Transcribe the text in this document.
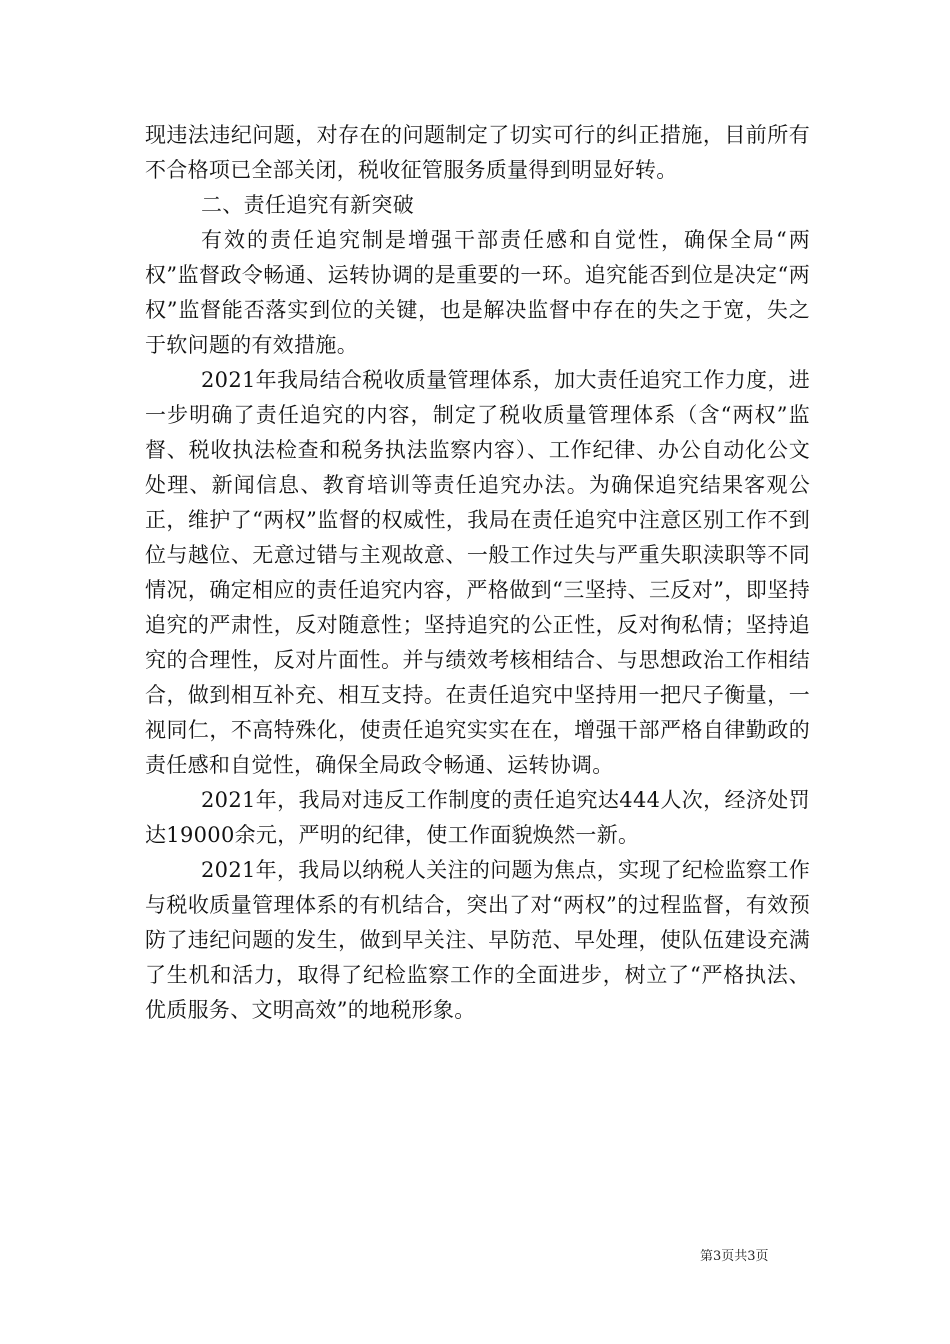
现违法违纪问题，对存在的问题制定了切实可行的纠正措施，目前所有不合格项已全部关闭，税收征管服务质量得到明显好转。

二、责任追究有新突破

有效的责任追究制是增强干部责任感和自觉性，确保全局“两权”监督政令畅通、运转协调的是重要的一环。追究能否到位是决定“两权”监督能否落实到位的关键，也是解决监督中存在的失之于宽，失之于软问题的有效措施。

2021年我局结合税收质量管理体系，加大责任追究工作力度，进一步明确了责任追究的内容，制定了税收质量管理体系（含“两权”监督、税收执法检查和税务执法监察内容）、工作纪律、办公自动化公文处理、新闻信息、教育培训等责任追究办法。为确保追究结果客观公正，维护了“两权”监督的权威性，我局在责任追究中注意区别工作不到位与越位、无意过错与主观故意、一般工作过失与严重失职渎职等不同情况，确定相应的责任追究内容，严格做到“三坚持、三反对”，即坚持追究的严肃性，反对随意性；坚持追究的公正性，反对徇私情；坚持追究的合理性，反对片面性。并与绩效考核相结合、与思想政治工作相结合，做到相互补充、相互支持。在责任追究中坚持用一把尺子衡量，一视同仁，不高特殊化，使责任追究实实在在，增强干部严格自律勤政的责任感和自觉性，确保全局政令畅通、运转协调。

2021年，我局对违反工作制度的责任追究达444人次，经济处罚达19000余元，严明的纪律，使工作面貌焕然一新。

2021年，我局以纳税人关注的问题为焦点，实现了纪检监察工作与税收质量管理体系的有机结合，突出了对“两权”的过程监督，有效预防了违纪问题的发生，做到早关注、早防范、早处理，使队伍建设充满了生机和活力，取得了纪检监察工作的全面进步，树立了“严格执法、优质服务、文明高效”的地税形象。

第3页共3页
